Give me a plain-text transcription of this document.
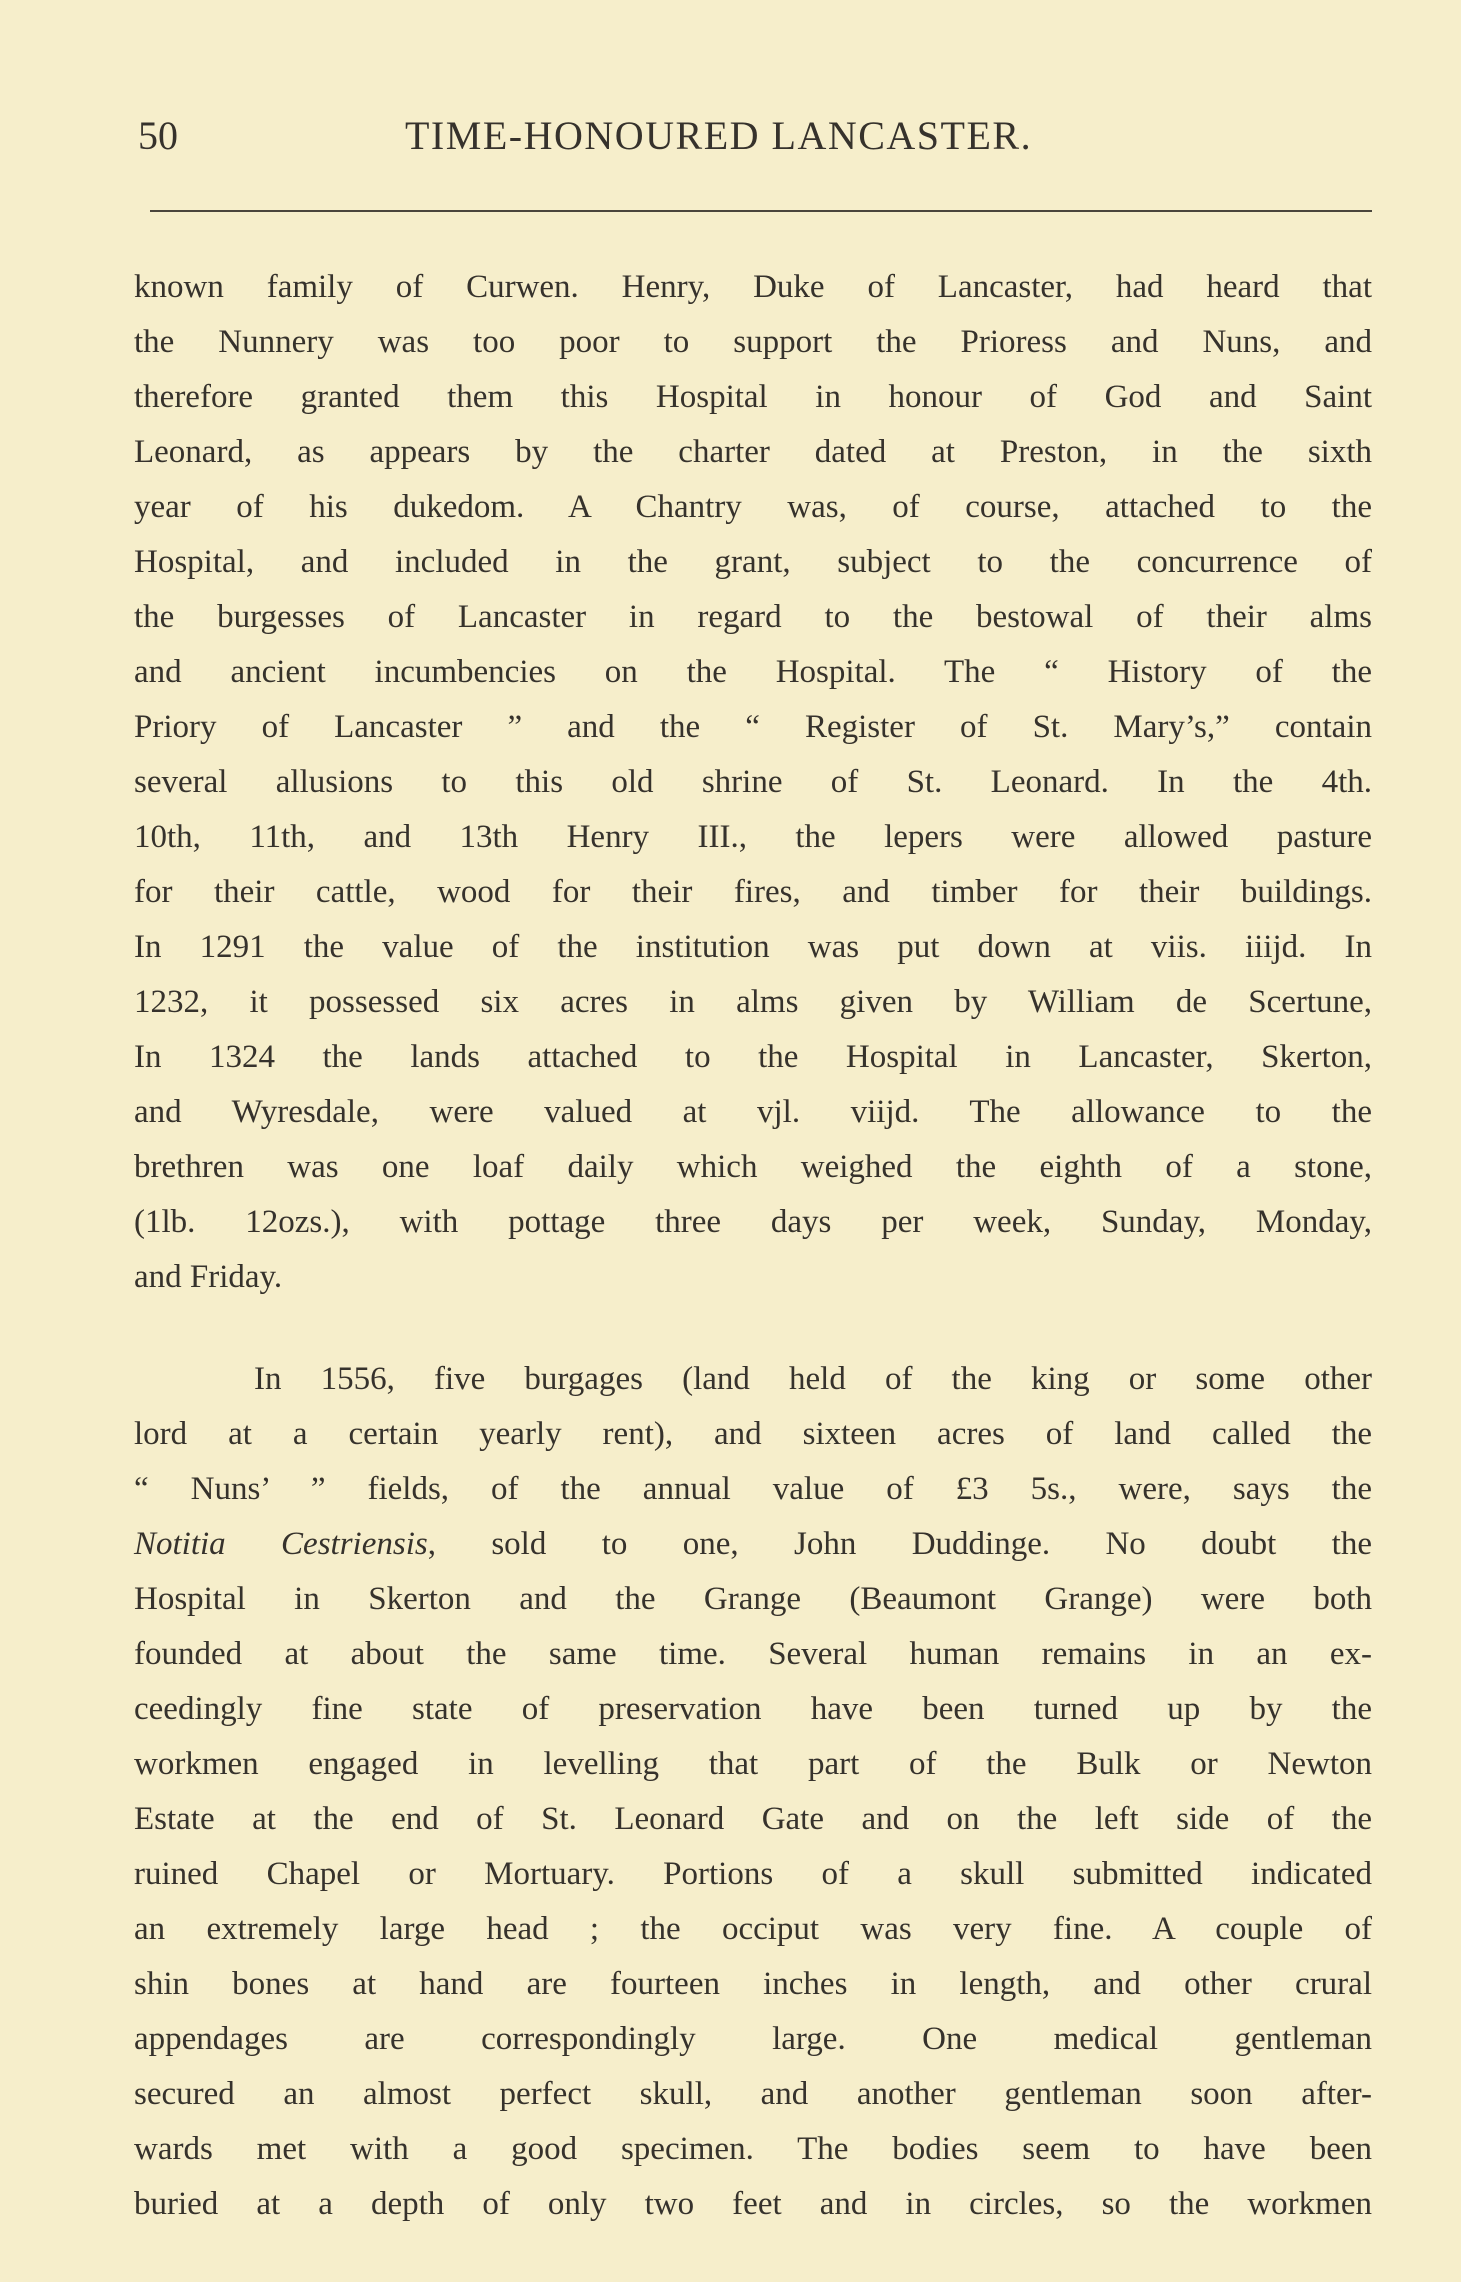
50	TIME-HONOURED LANCASTER.
known family of Curwen. Henry, Duke of Lancaster, had heard that
the Nunnery was too poor to support the Prioress and Nuns, and
therefore granted them this Hospital in honour of God and Saint
Leonard, as appears by the charter dated at Preston, in the sixth
year of his dukedom. A Chantry was, of course, attached to the
Hospital, and included in the grant, subject to the concurrence of
the burgesses of Lancaster in regard to the bestowal of their alms
and ancient incumbencies on the Hospital. The “ History of the
Priory of Lancaster ” and the “ Register of St. Mary’s,” contain
several allusions to this old shrine of St. Leonard. In the 4th.
10th, 11th, and 13th Henry III., the lepers were allowed pasture
for their cattle, wood for their fires, and timber for their buildings.
In 1291 the value of the institution was put down at viis. iiijd. In
1232, it possessed six acres in alms given by William de Scertune,
In 1324 the lands attached to the Hospital in Lancaster, Skerton,
and Wyresdale, were valued at vjl. viijd. The allowance to the
brethren was one loaf daily which weighed the eighth of a stone,
(1lb. 12ozs.), with pottage three days per week, Sunday, Monday,
and Friday.
In 1556, five burgages (land held of the king or some other
lord at a certain yearly rent), and sixteen acres of land called the
“ Nuns’ ” fields, of the annual value of £3 5s., were, says the
Notitia Cestriensis, sold to one, John Duddinge. No doubt the
Hospital in Skerton and the Grange (Beaumont Grange) were both
founded at about the same time. Several human remains in an ex-
ceedingly fine state of preservation have been turned up by the
workmen engaged in levelling that part of the Bulk or Newton
Estate at the end of St. Leonard Gate and on the left side of the
ruined Chapel or Mortuary. Portions of a skull submitted indicated
an extremely large head ; the occiput was very fine. A couple of
shin bones at hand are fourteen inches in length, and other crural
appendages are correspondingly large. One medical gentleman
secured an almost perfect skull, and another gentleman soon after-
wards met with a good specimen. The bodies seem to have been
buried at a depth of only two feet and in circles, so the workmen
